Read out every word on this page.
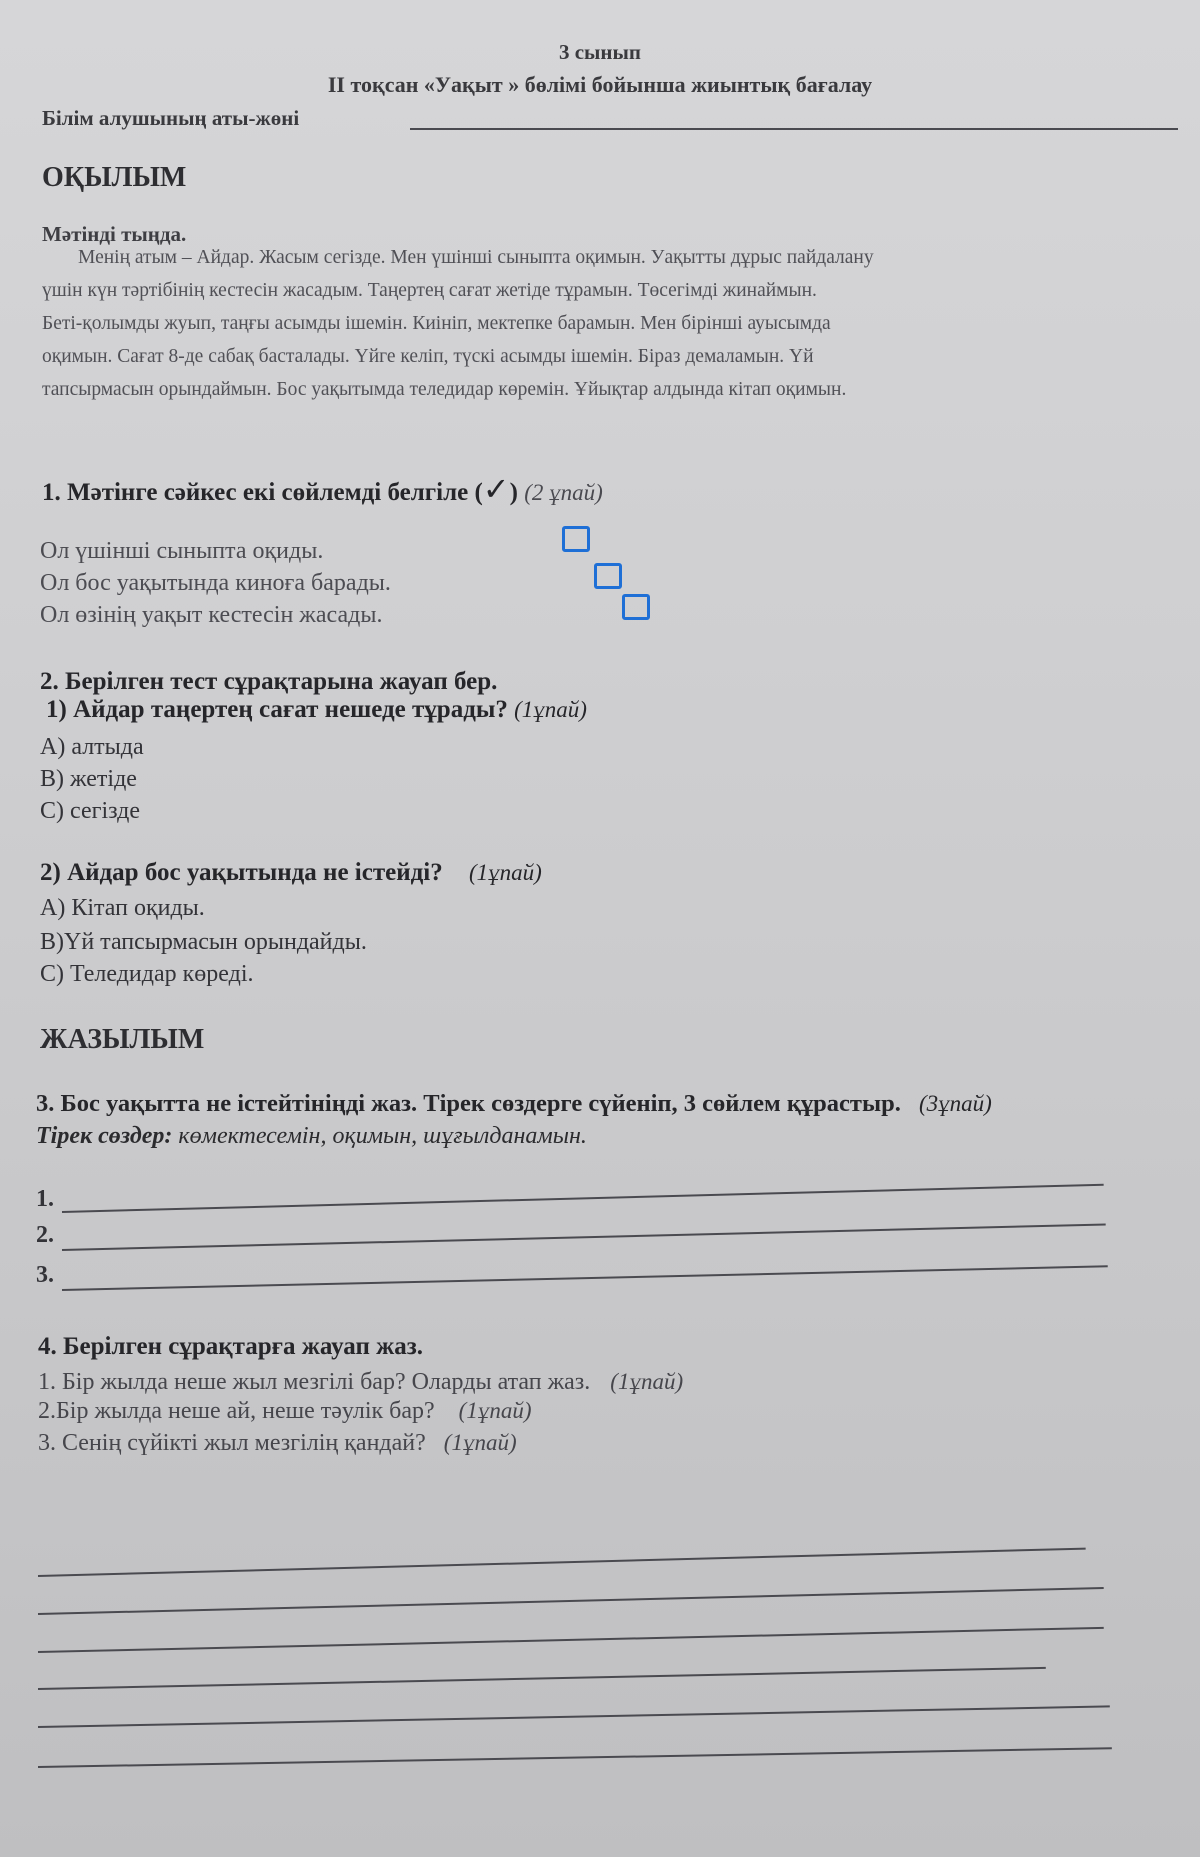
3 сынып
II тоқсан «Уақыт » бөлімі бойынша жиынтық бағалау
Білім алушының аты-жөні
ОҚЫЛЫМ
Мәтінді тыңда.
Менің атым – Айдар. Жасым сегізде. Мен үшінші сыныпта оқимын. Уақытты дұрыс пайдалану
үшін күн тәртібінің кестесін жасадым. Таңертең сағат жетіде тұрамын. Төсегімді жинаймын.
Беті-қолымды жуып, таңғы асымды ішемін. Киініп, мектепке барамын. Мен бірінші ауысымда
оқимын. Сағат 8-де сабақ басталады. Үйге келіп, түскі асымды ішемін. Біраз демаламын. Үй
тапсырмасын орындаймын. Бос уақытымда теледидар көремін. Ұйықтар алдында кітап оқимын.
1. Мәтінге сәйкес екі сөйлемді белгіле (✓) (2 ұпай)
Ол үшінші сыныпта оқиды.
Ол бос уақытында киноға барады.
Ол өзінің уақыт кестесін жасады.
2. Берілген тест сұрақтарына жауап бер.
1) Айдар таңертең сағат нешеде тұрады? (1ұпай)
А) алтыда
В) жетіде
С) сегізде
2) Айдар бос уақытында не істейді? (1ұпай)
А) Кітап оқиды.
В)Үй тапсырмасын орындайды.
С) Теледидар көреді.
ЖАЗЫЛЫМ
3. Бос уақытта не істейтініңді жаз. Тірек сөздерге сүйеніп, 3 сөйлем құрастыр. (3ұпай)
Тірек сөздер: көмектесемін, оқимын, шұғылданамын.
1.
2.
3.
4. Берілген сұрақтарға жауап жаз.
1. Бір жылда неше жыл мезгілі бар? Оларды атап жаз. (1ұпай)
2.Бір жылда неше ай, неше тәулік бар? (1ұпай)
3. Сенің сүйікті жыл мезгілің қандай? (1ұпай)
